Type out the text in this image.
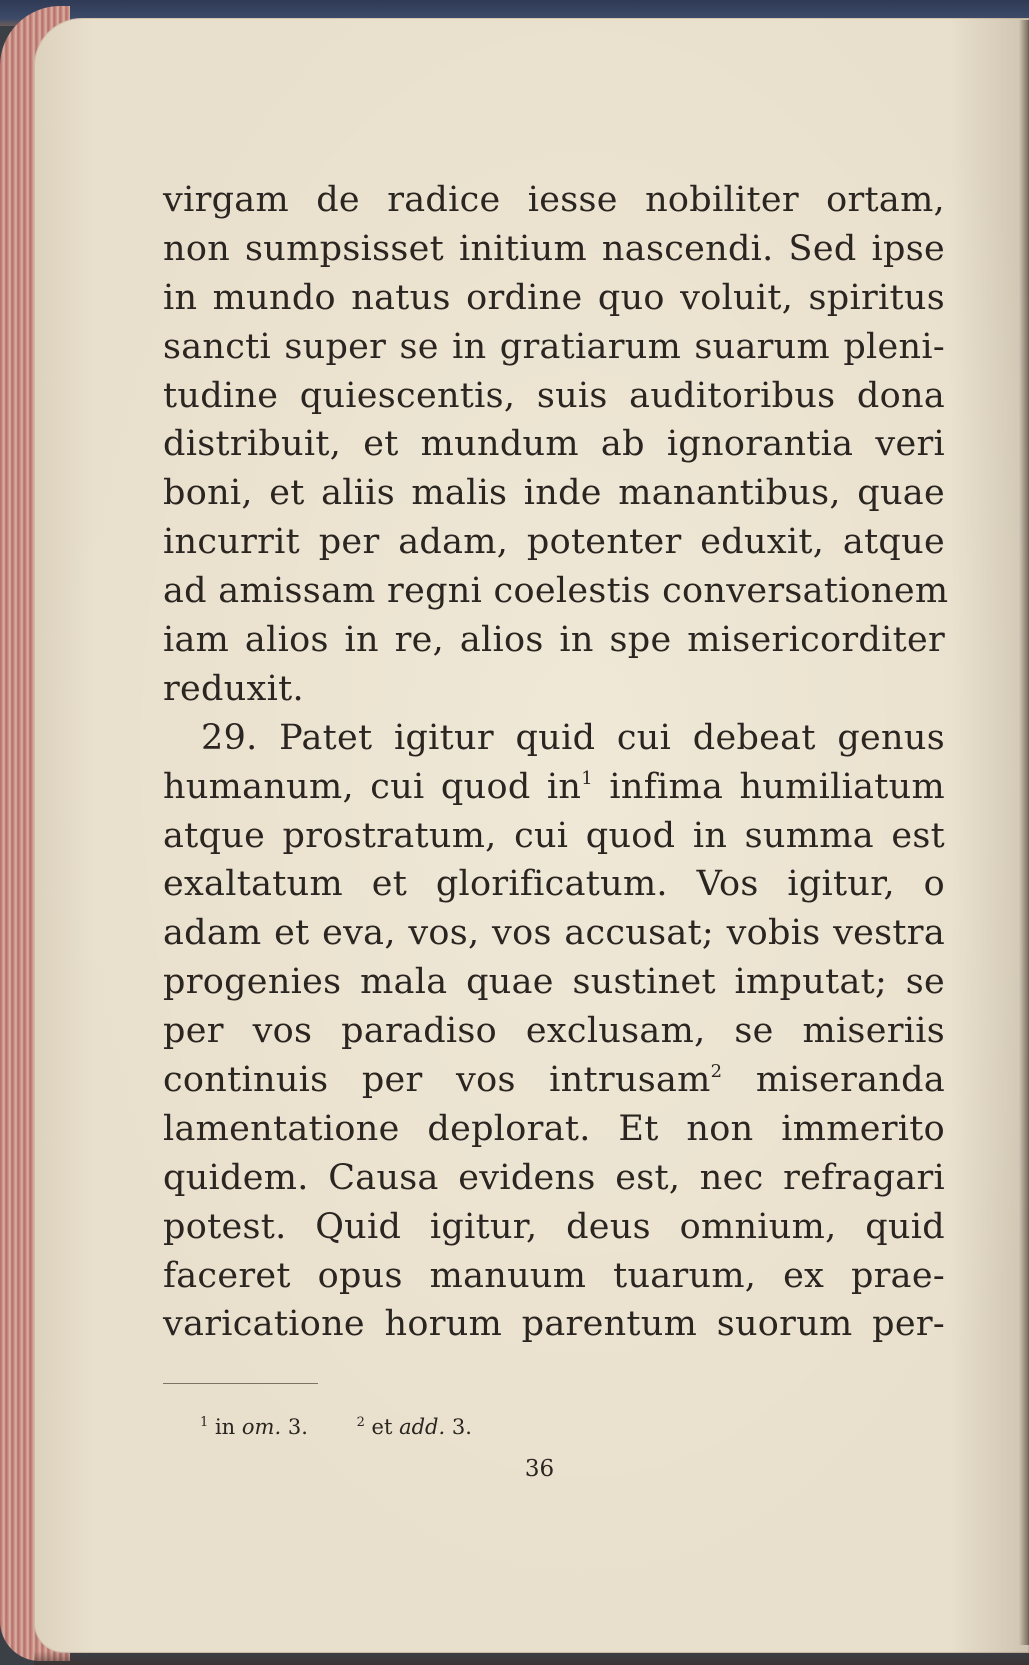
virgam de radice iesse nobiliter ortam,
non sumpsisset initium nascendi. Sed ipse
in mundo natus ordine quo voluit, spiritus
sancti super se in gratiarum suarum pleni-
tudine quiescentis, suis auditoribus dona
distribuit, et mundum ab ignorantia veri
boni, et aliis malis inde manantibus, quae
incurrit per adam, potenter eduxit, atque
ad amissam regni coelestis conversationem
iam alios in re, alios in spe misericorditer
reduxit.
29. Patet igitur quid cui debeat genus
humanum, cui quod $in^1$ infima humiliatum
atque prostratum, cui quod in summa est
exaltatum et glorificatum. Vos igitur, o
adam et eva, vos, vos accusat; vobis vestra
progenies mala quae sustinet imputat; se
per vos paradiso exclusam, se miseriis
continuis per vos intrusam$^2$ miseranda
lamentatione deplorat. Et non immerito
quidem. Causa evidens est, nec refragari
potest. Quid igitur, deus omnium, quid
faceret opus manuum tuarum, ex prae-
varicatione horum parentum suorum per-
$^1$ in om. 3.	$^2$ et add. 3.
36
